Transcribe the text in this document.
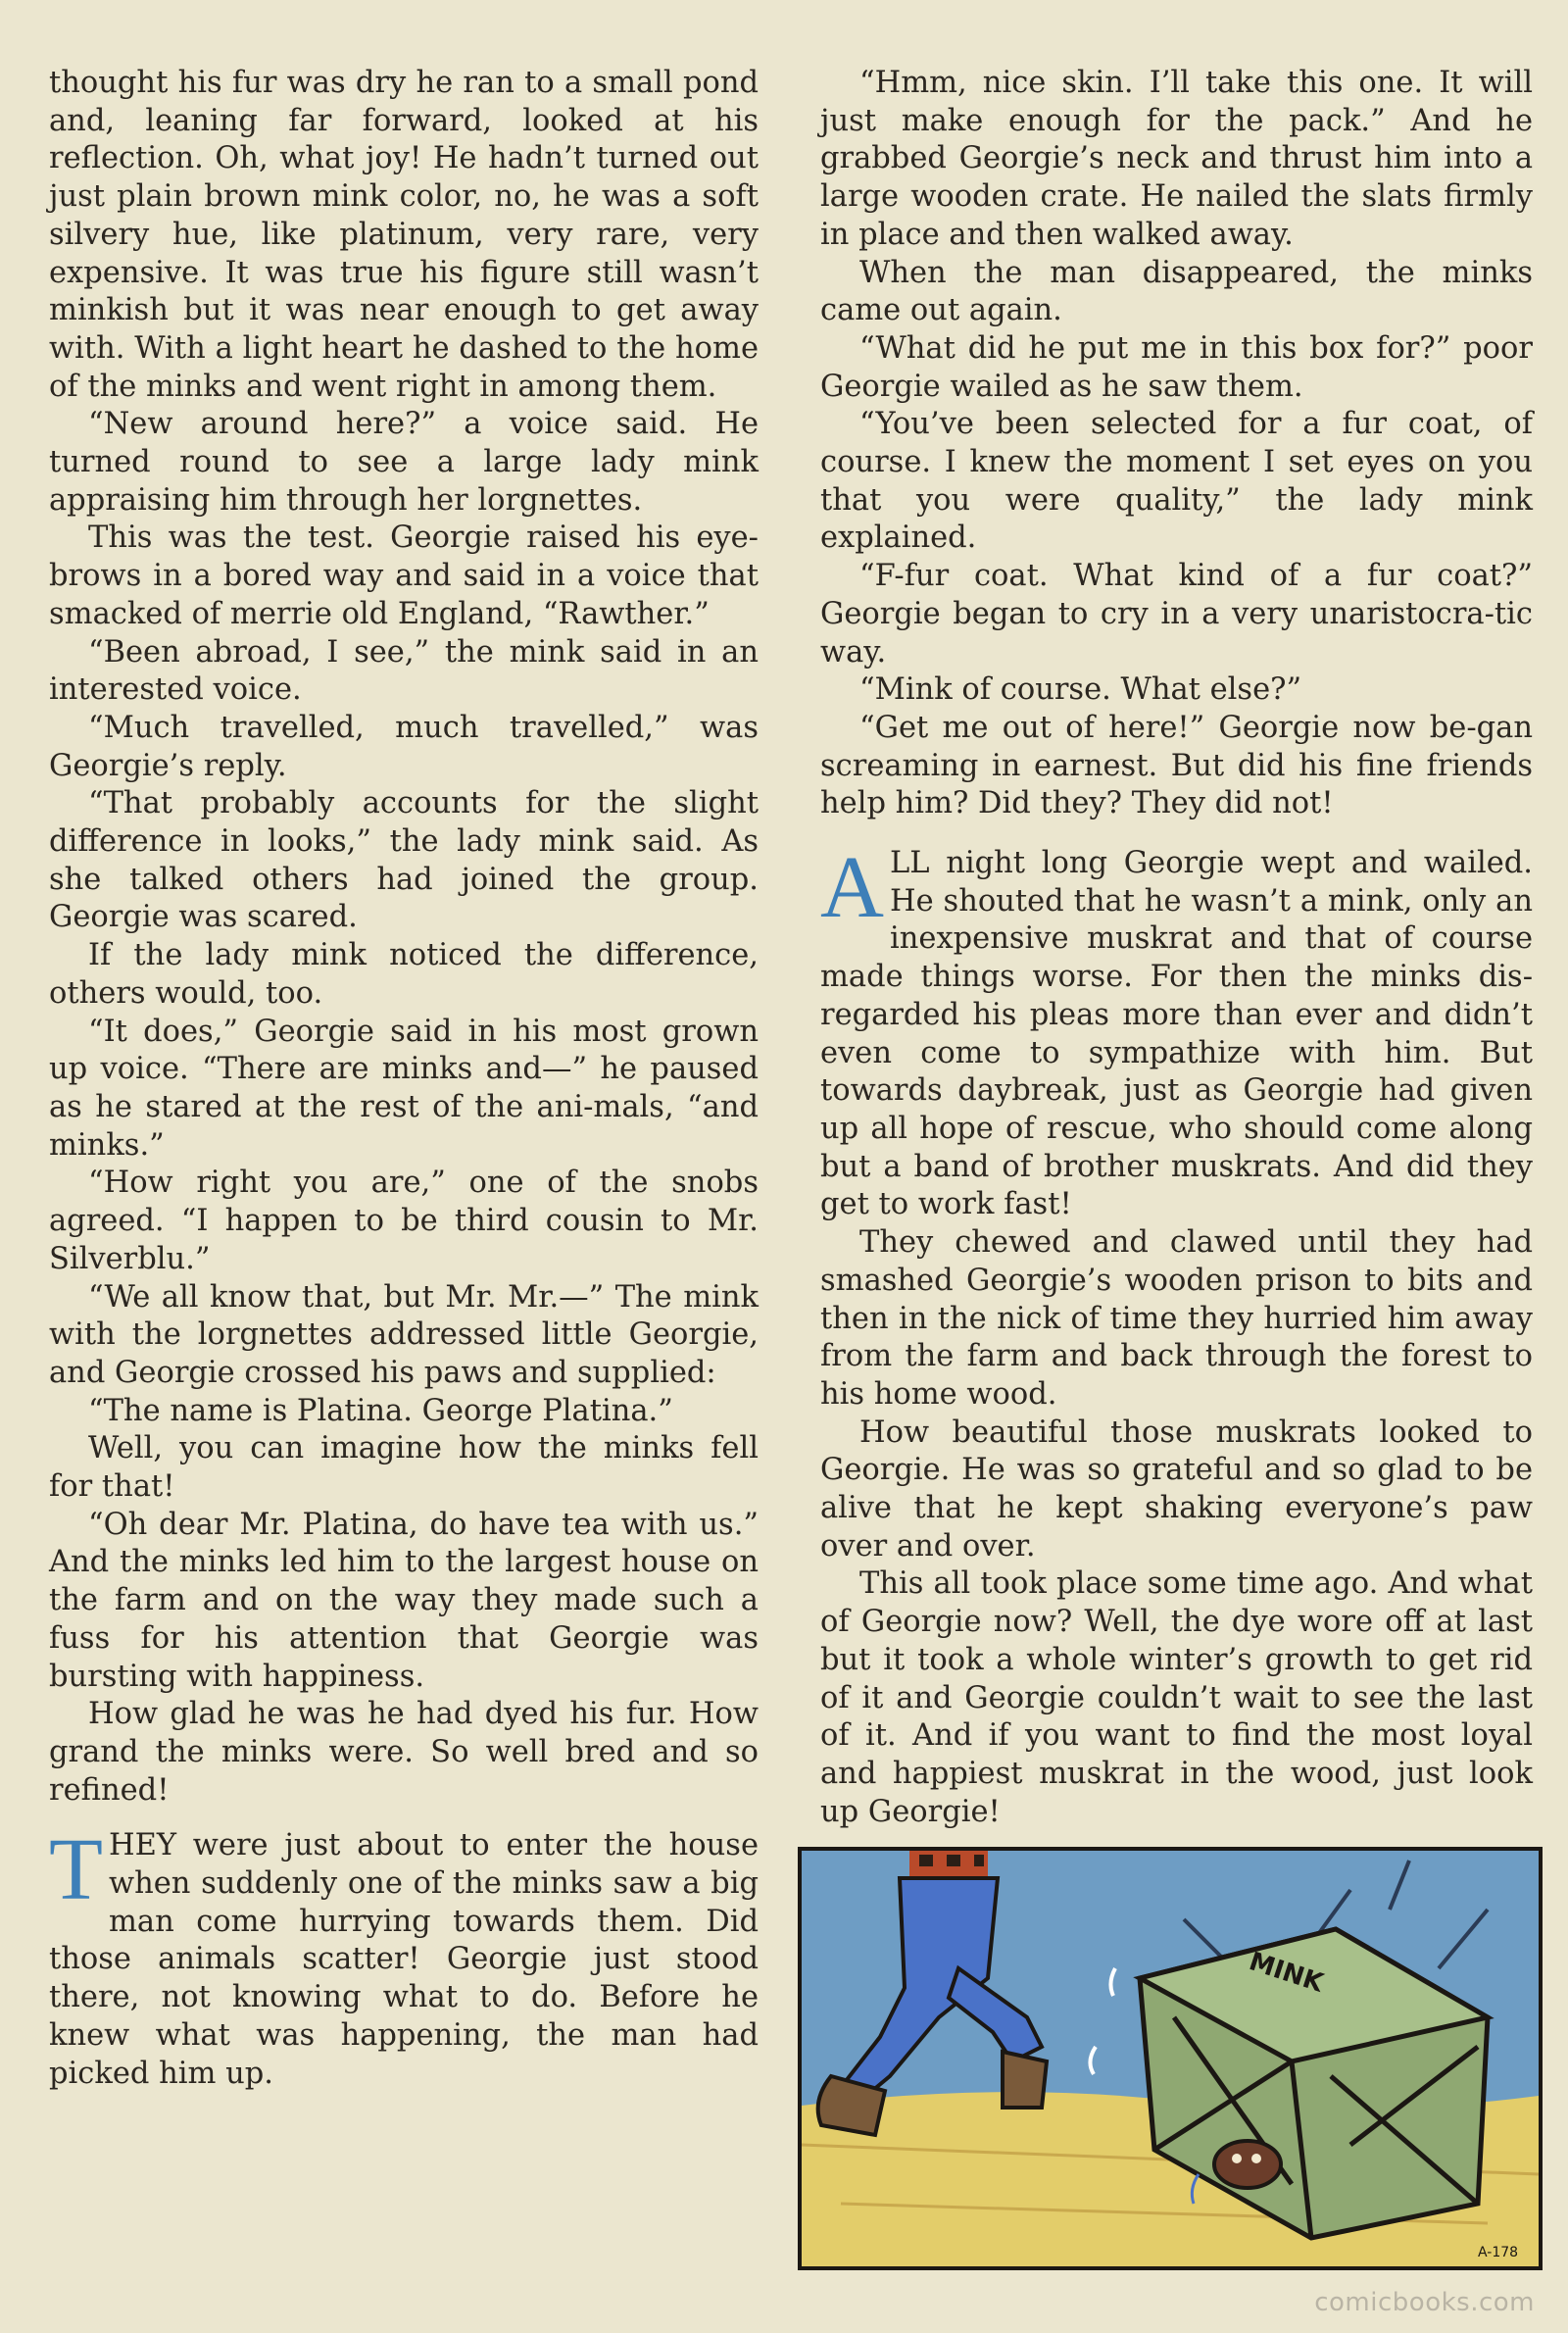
thought his fur was dry he ran to a small pond and, leaning far forward, looked at his reflection. Oh, what joy! He hadn’t turned out just plain brown mink color, no, he was a soft silvery hue, like platinum, very rare, very expensive. It was true his figure still wasn’t minkish but it was near enough to get away with. With a light heart he dashed to the home of the minks and went right in among them.

“New around here?” a voice said. He turned round to see a large lady mink appraising him through her lorgnettes.

This was the test. Georgie raised his eye-brows in a bored way and said in a voice that smacked of merrie old England, “Rawther.”

“Been abroad, I see,” the mink said in an interested voice.

“Much travelled, much travelled,” was Georgie’s reply.

“That probably accounts for the slight difference in looks,” the lady mink said. As she talked others had joined the group. Georgie was scared.

If the lady mink noticed the difference, others would, too.

“It does,” Georgie said in his most grown up voice. “There are minks and—” he paused as he stared at the rest of the ani-mals, “and minks.”

“How right you are,” one of the snobs agreed. “I happen to be third cousin to Mr. Silverblu.”

“We all know that, but Mr. Mr.—” The mink with the lorgnettes addressed little Georgie, and Georgie crossed his paws and supplied:

“The name is Platina. George Platina.”

Well, you can imagine how the minks fell for that!

“Oh dear Mr. Platina, do have tea with us.” And the minks led him to the largest house on the farm and on the way they made such a fuss for his attention that Georgie was bursting with happiness.

How glad he was he had dyed his fur. How grand the minks were. So well bred and so refined!

THEY were just about to enter the house when suddenly one of the minks saw a big man come hurrying towards them. Did those animals scatter! Georgie just stood there, not knowing what to do. Before he knew what was happening, the man had picked him up.

“Hmm, nice skin. I’ll take this one. It will just make enough for the pack.” And he grabbed Georgie’s neck and thrust him into a large wooden crate. He nailed the slats firmly in place and then walked away.

When the man disappeared, the minks came out again.

“What did he put me in this box for?” poor Georgie wailed as he saw them.

“You’ve been selected for a fur coat, of course. I knew the moment I set eyes on you that you were quality,” the lady mink explained.

“F-fur coat. What kind of a fur coat?” Georgie began to cry in a very unaristocra-tic way.

“Mink of course. What else?”

“Get me out of here!” Georgie now be-gan screaming in earnest. But did his fine friends help him? Did they? They did not!

ALL night long Georgie wept and wailed. He shouted that he wasn’t a mink, only an inexpensive muskrat and that of course made things worse. For then the minks dis-regarded his pleas more than ever and didn’t even come to sympathize with him. But towards daybreak, just as Georgie had given up all hope of rescue, who should come along but a band of brother muskrats. And did they get to work fast!

They chewed and clawed until they had smashed Georgie’s wooden prison to bits and then in the nick of time they hurried him away from the farm and back through the forest to his home wood.

How beautiful those muskrats looked to Georgie. He was so grateful and so glad to be alive that he kept shaking everyone’s paw over and over.

This all took place some time ago. And what of Georgie now? Well, the dye wore off at last but it took a whole winter’s growth to get rid of it and Georgie couldn’t wait to see the last of it. And if you want to find the most loyal and happiest muskrat in the wood, just look up Georgie!

MINK
A-178
comicbooks.com
